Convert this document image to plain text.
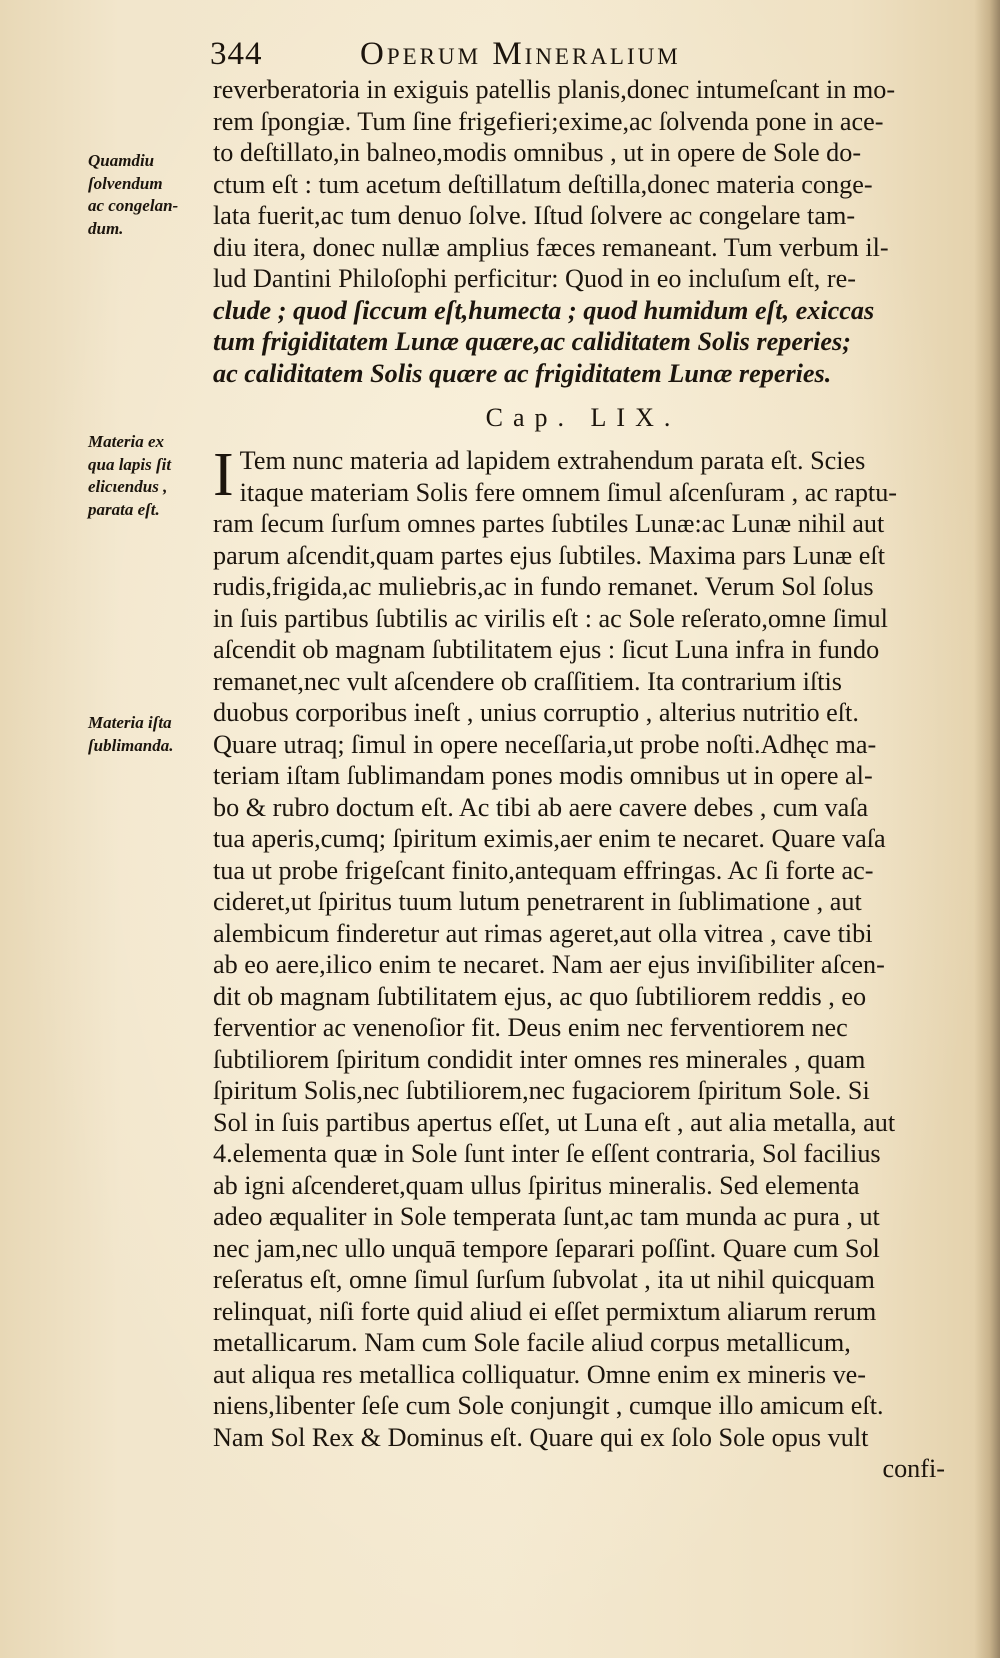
344	Operum Mineralium
Quamdiu
ſolvendum
ac congelan-
dum.
Materia ex
qua lapis ſit
elicιendus ,
parata eſt.
Materia iſta
ſublimanda.
reverberatoria in exiguis patellis planis,donec intumeſcant in mo-
rem ſpongiæ. Tum ſine frigefieri;exime,ac ſolvenda pone in ace-
to deſtillato,in balneo,modis omnibus , ut in opere de Sole do-
ctum eſt : tum acetum deſtillatum deſtilla,donec materia conge-
lata fuerit,ac tum denuo ſolve. Iſtud ſolvere ac congelare tam-
diu itera, donec nullæ amplius fæces remaneant. Tum verbum il-
lud Dantini Philoſophi perficitur: Quod in eo incluſum eſt, re-
clude ; quod ſiccum eſt,humecta ; quod humidum eſt, exiccas
tum frigiditatem Lunæ quære,ac caliditatem Solis reperies;
ac caliditatem Solis quære ac frigiditatem Lunæ reperies.
Cap. LIX.
I Tem nunc materia ad lapidem extrahendum parata eſt. Scies
itaque materiam Solis fere omnem ſimul aſcenſuram , ac raptu-
ram ſecum ſurſum omnes partes ſubtiles Lunæ:ac Lunæ nihil aut
parum aſcendit,quam partes ejus ſubtiles. Maxima pars Lunæ eſt
rudis,frigida,ac muliebris,ac in fundo remanet. Verum Sol ſolus
in ſuis partibus ſubtilis ac virilis eſt : ac Sole reſerato,omne ſimul
aſcendit ob magnam ſubtilitatem ejus : ſicut Luna infra in fundo
remanet,nec vult aſcendere ob craſſitiem. Ita contrarium iſtis
duobus corporibus ineſt , unius corruptio , alterius nutritio eſt.
Quare utraq; ſimul in opere neceſſaria,ut probe noſti.Adhęc ma-
teriam iſtam ſublimandam pones modis omnibus ut in opere al-
bo & rubro doctum eſt. Ac tibi ab aere cavere debes , cum vaſa
tua aperis,cumq; ſpiritum eximis,aer enim te necaret. Quare vaſa
tua ut probe frigeſcant finito,antequam effringas. Ac ſi forte ac-
cideret,ut ſpiritus tuum lutum penetrarent in ſublimatione , aut
alembicum finderetur aut rimas ageret,aut olla vitrea , cave tibi
ab eo aere,ilico enim te necaret. Nam aer ejus inviſibiliter aſcen-
dit ob magnam ſubtilitatem ejus, ac quo ſubtiliorem reddis , eo
ferventior ac venenoſior fit. Deus enim nec ferventiorem nec
ſubtiliorem ſpiritum condidit inter omnes res minerales , quam
ſpiritum Solis,nec ſubtiliorem,nec fugaciorem ſpiritum Sole. Si
Sol in ſuis partibus apertus eſſet, ut Luna eſt , aut alia metalla, aut
4.elementa quæ in Sole ſunt inter ſe eſſent contraria, Sol facilius
ab igni aſcenderet,quam ullus ſpiritus mineralis. Sed elementa
adeo æqualiter in Sole temperata ſunt,ac tam munda ac pura , ut
nec jam,nec ullo unquā tempore ſeparari poſſint. Quare cum Sol
reſeratus eſt, omne ſimul ſurſum ſubvolat , ita ut nihil quicquam
relinquat, niſi forte quid aliud ei eſſet permixtum aliarum rerum
metallicarum. Nam cum Sole facile aliud corpus metallicum,
aut aliqua res metallica colliquatur. Omne enim ex mineris ve-
niens,libenter ſeſe cum Sole conjungit , cumque illo amicum eſt.
Nam Sol Rex & Dominus eſt. Quare qui ex ſolo Sole opus vult
confi-
